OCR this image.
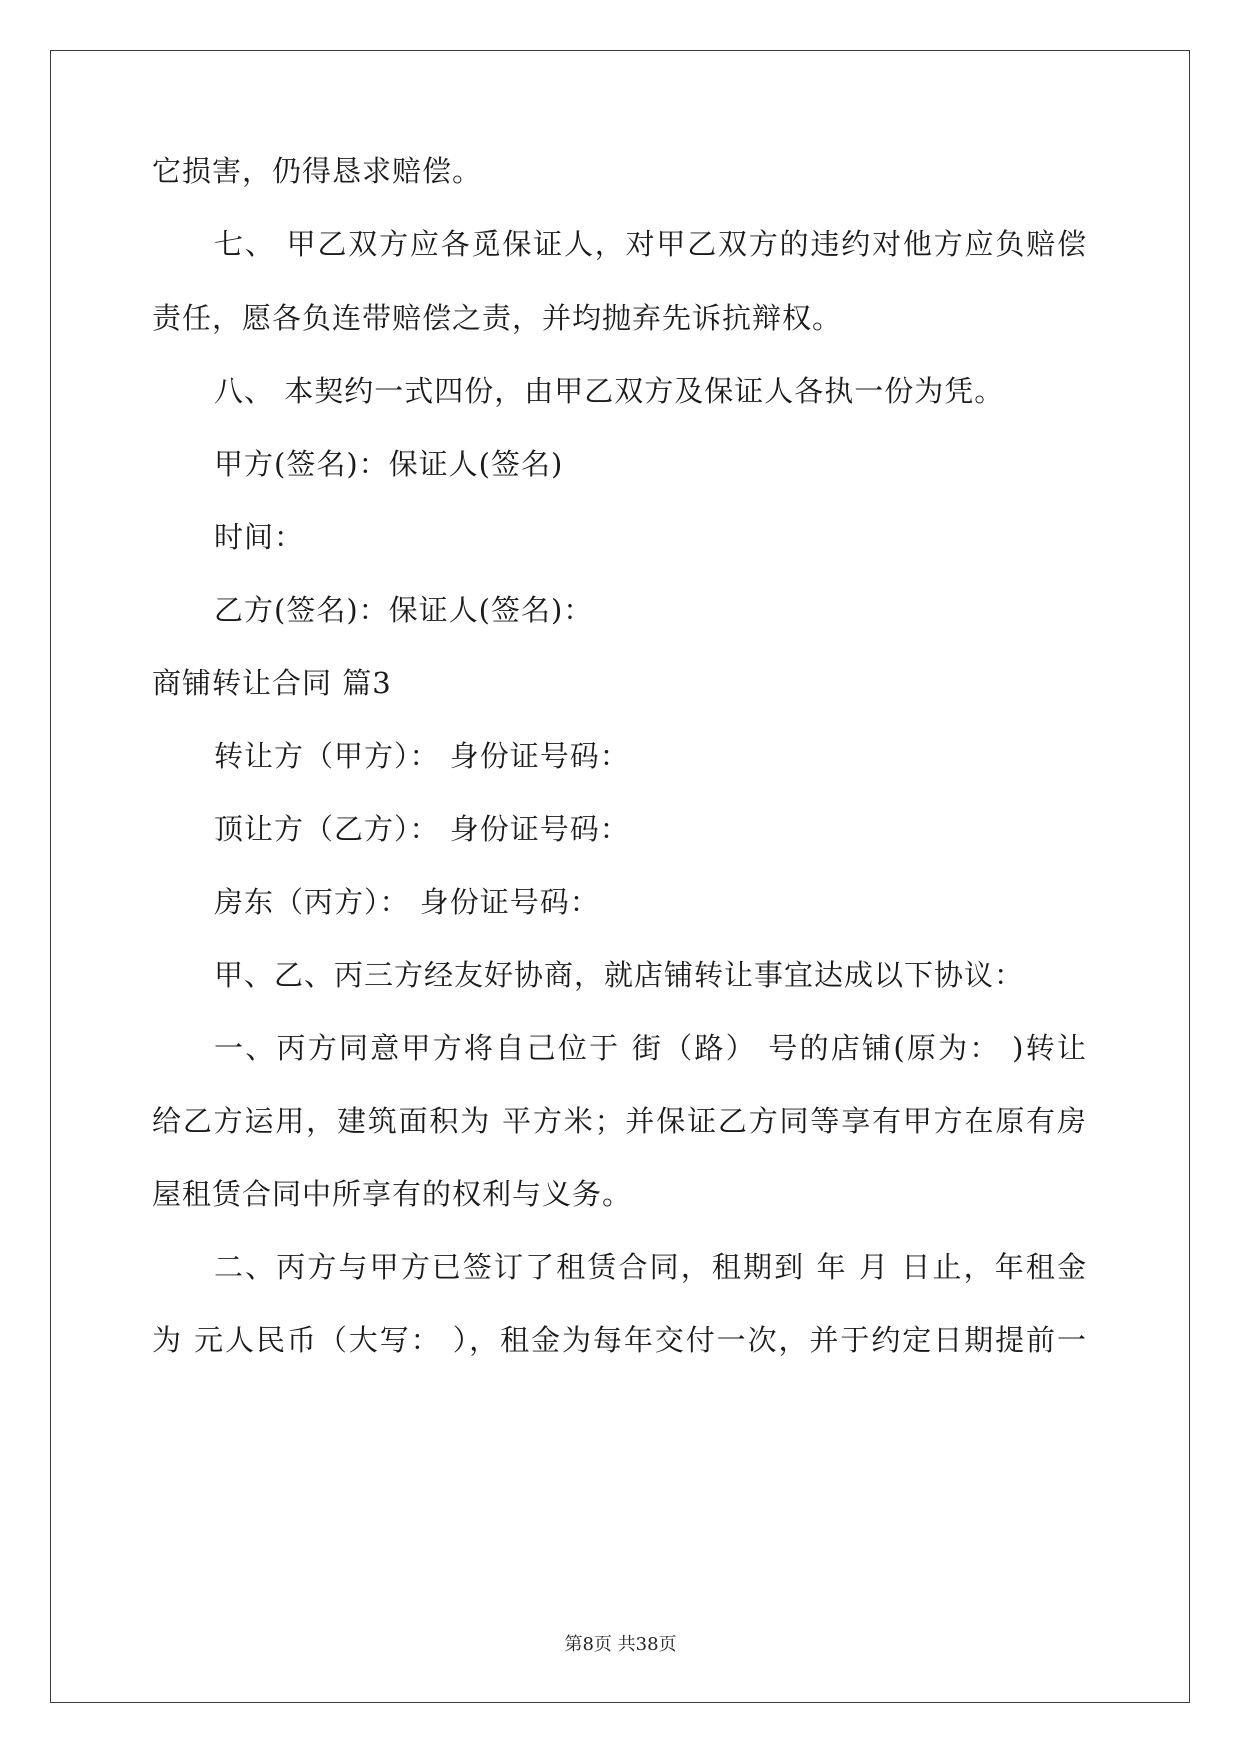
它损害，仍得恳求赔偿。
七、 甲乙双方应各觅保证人，对甲乙双方的违约对他方应负赔偿
责任，愿各负连带赔偿之责，并均抛弃先诉抗辩权。
八、 本契约一式四份，由甲乙双方及保证人各执一份为凭。
甲方(签名)：保证人(签名)
时间：
乙方(签名)：保证人(签名)：
商铺转让合同 篇3
转让方（甲方）： 身份证号码：
顶让方（乙方）： 身份证号码：
房东（丙方）： 身份证号码：
甲、乙、丙三方经友好协商，就店铺转让事宜达成以下协议：
一、丙方同意甲方将自己位于 街（路） 号的店铺(原为： )转让
给乙方运用，建筑面积为 平方米；并保证乙方同等享有甲方在原有房
屋租赁合同中所享有的权利与义务。
二、丙方与甲方已签订了租赁合同，租期到 年 月 日止，年租金
为 元人民币（大写： ），租金为每年交付一次，并于约定日期提前一
第8页 共38页
